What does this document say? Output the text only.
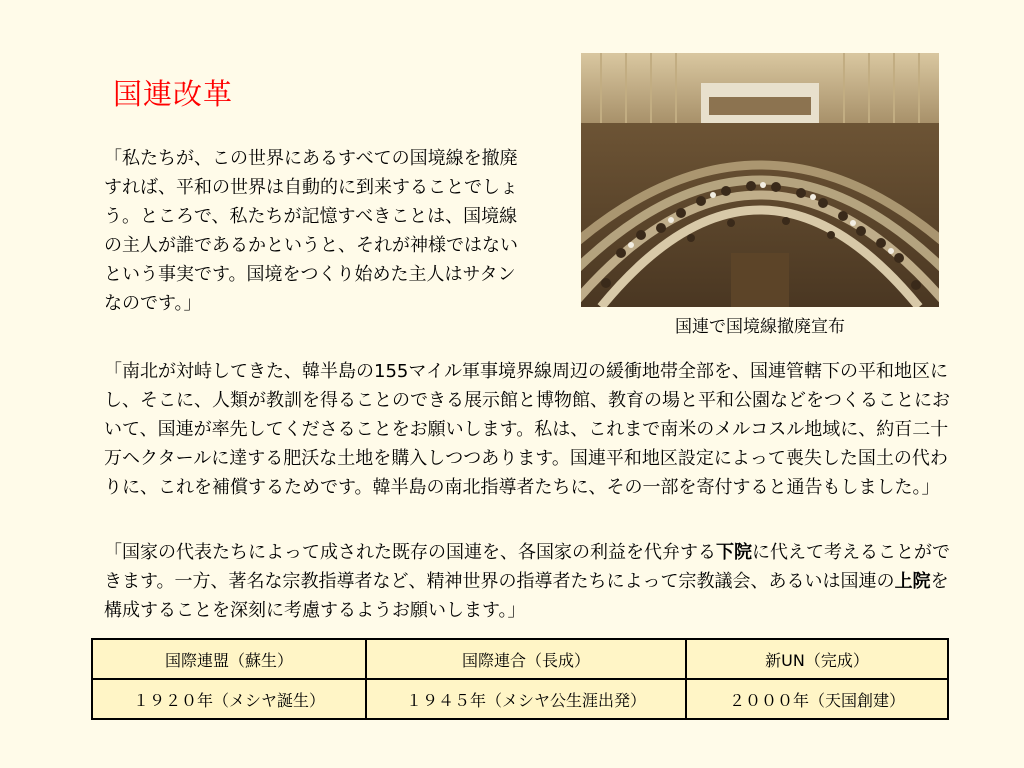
国連改革

「私たちが、この世界にあるすべての国境線を撤廃すれば、平和の世界は自動的に到来することでしょう。ところで、私たちが記憶すべきことは、国境線の主人が誰であるかというと、それが神様ではないという事実です。国境をつくり始めた主人はサタンなのです。」

国連で国境線撤廃宣布

「南北が対峙してきた、韓半島の155マイル軍事境界線周辺の緩衝地帯全部を、国連管轄下の平和地区にし、そこに、人類が教訓を得ることのできる展示館と博物館、教育の場と平和公園などをつくることにおいて、国連が率先してくださることをお願いします。私は、これまで南米のメルコスル地域に、約百二十万ヘクタールに達する肥沃な土地を購入しつつあります。国連平和地区設定によって喪失した国土の代わりに、これを補償するためです。韓半島の南北指導者たちに、その一部を寄付すると通告もしました。」

「国家の代表たちによって成された既存の国連を、各国家の利益を代弁する下院に代えて考えることができます。一方、著名な宗教指導者など、精神世界の指導者たちによって宗教議会、あるいは国連の上院を構成することを深刻に考慮するようお願いします。」

国際連盟（蘇生）	国際連合（長成）	新UN（完成）
１９２０年（メシヤ誕生）	１９４５年（メシヤ公生涯出発）	２０００年（天国創建）
